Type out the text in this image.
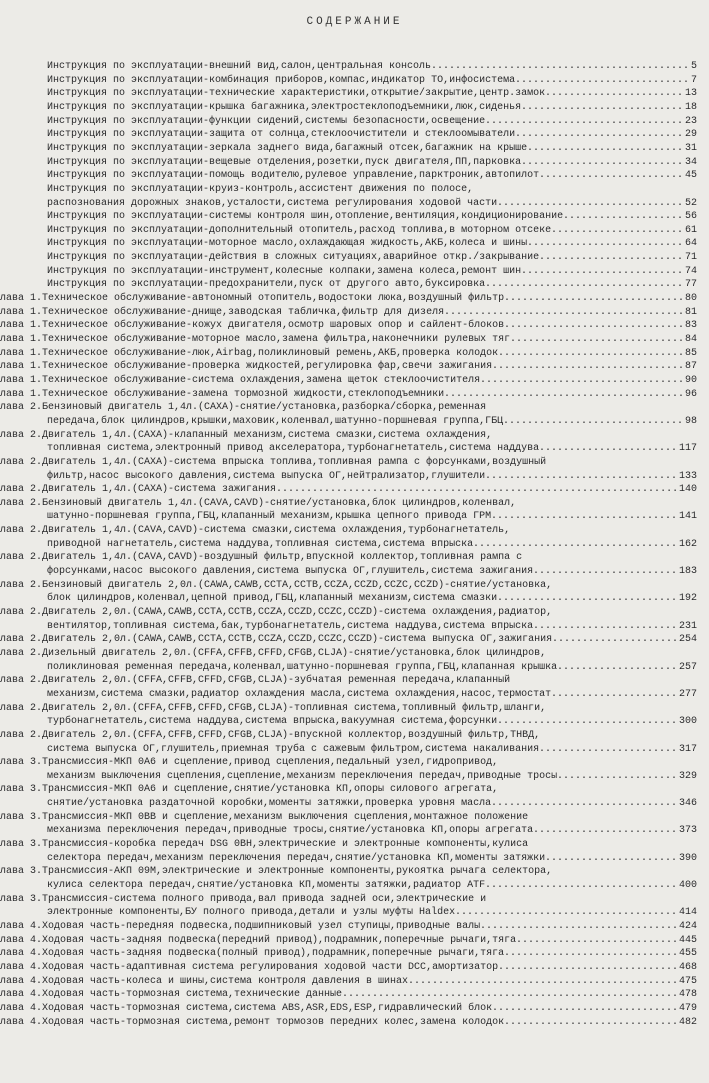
СОДЕРЖАНИЕ
Инструкция по эксплуатации-внешний вид,салон,центральная консоль ........................................... 5
Инструкция по эксплуатации-комбинация приборов,компас,индикатор ТО,инфосистема ............................. 7
Инструкция по эксплуатации-технические характеристики,открытие/закрытие,центр.замок ....................... 13
Инструкция по эксплуатации-крышка багажника,электростеклоподъемники,люк,сиденья ........................... 18
Инструкция по эксплуатации-функции сидений,системы безопасности,освещение ................................. 23
Инструкция по эксплуатации-защита от солнца,стеклоочистители и стеклоомыватели ............................ 29
Инструкция по эксплуатации-зеркала заднего вида,багажный отсек,багажник на крыше .......................... 31
Инструкция по эксплуатации-вещевые отделения,розетки,пуск двигателя,ПП,парковка ........................... 34
Инструкция по эксплуатации-помощь водителю,рулевое управление,парктроник,автопилот ........................ 45
Инструкция по эксплуатации-круиз-контроль,ассистент движения по полосе,
распознования дорожных знаков,усталости,система регулирования ходовой части ............................... 52
Инструкция по эксплуатации-системы контроля шин,отопление,вентиляция,кондиционирование .................... 56
Инструкция по эксплуатации-дополнительный отопитель,расход топлива,в моторном отсеке ...................... 61
Инструкция по эксплуатации-моторное масло,охлаждающая жидкость,АКБ,колеса и шины .......................... 64
Инструкция по эксплуатации-действия в сложных ситуациях,аварийное откр./закрывание ........................ 71
Инструкция по эксплуатации-инструмент,колесные колпаки,замена колеса,ремонт шин ........................... 74
Инструкция по эксплуатации-предохранители,пуск от другого авто,буксировка ................................. 77
лава 1. Техническое обслуживание-автономный отопитель,водостоки люка,воздушный фильтр .............................. 80
лава 1. Техническое обслуживание-днище,заводская табличка,фильтр для дизеля ........................................ 81
лава 1. Техническое обслуживание-кожух двигателя,осмотр шаровых опор и сайлент-блоков .............................. 83
лава 1. Техническое обслуживание-моторное масло,замена фильтра,наконечники рулевых тяг ............................. 84
лава 1. Техническое обслуживание-люк,Airbag,поликлиновый ремень,АКБ,проверка колодок ............................... 85
лава 1. Техническое обслуживание-проверка жидкостей,регулировка фар,свечи зажигания ................................ 87
лава 1. Техническое обслуживание-система охлаждения,замена щеток стеклоочистителя .................................. 90
лава 1. Техническое обслуживание-замена тормозной жидкости,стеклоподъемники ........................................ 96
лава 2. Бензиновый двигатель 1,4л.(CAXA)-снятие/установка,разборка/сборка,ременная
передача,блок цилиндров,крышки,маховик,коленвал,шатунно-поршневая группа,ГБЦ .............................. 98
лава 2. Двигатель 1,4л.(CAXA)-клапанный механизм,система смазки,система охлаждения,
топливная система,электронный привод акселератора,турбонагнетатель,система наддува ....................... 117
лава 2. Двигатель 1,4л.(CAXA)-система впрыска топлива,топливная рампа с форсунками,воздушный
фильтр,насос высокого давления,система выпуска ОГ,нейтрализатор,глушители ................................ 133
лава 2. Двигатель 1,4л.(CAXA)-система зажигания ................................................................... 140
лава 2. Бензиновый двигатель 1,4л.(CAVA,CAVD)-снятие/установка,блок цилиндров,коленвал,
шатунно-поршневая группа,ГБЦ,клапанный механизм,крышка цепного привода ГРМ ............................... 141
лава 2. Двигатель 1,4л.(CAVA,CAVD)-система смазки,система охлаждения,турбонагнетатель,
приводной нагнетатель,система наддува,топливная система,система впрыска .................................. 162
лава 2. Двигатель 1,4л.(CAVA,CAVD)-воздушный фильтр,впускной коллектор,топливная рампа с
форсунками,насос высокого давления,система выпуска ОГ,глушитель,система зажигания ........................ 183
лава 2. Бензиновый двигатель 2,0л.(CAWA,CAWB,CCTA,CCTB,CCZA,CCZD,CCZC,CCZD)-снятие/установка,
блок цилиндров,коленвал,цепной привод,ГБЦ,клапанный механизм,система смазки .............................. 192
лава 2. Двигатель 2,0л.(CAWA,CAWB,CCTA,CCTB,CCZA,CCZD,CCZC,CCZD)-система охлаждения,радиатор,
вентилятор,топливная система,бак,турбонагнетатель,система наддува,система впрыска ........................ 231
лава 2. Двигатель 2,0л.(CAWA,CAWB,CCTA,CCTB,CCZA,CCZD,CCZC,CCZD)-система выпуска ОГ,зажигания ..................... 254
лава 2. Дизельный двигатель 2,0л.(CFFA,CFFB,CFFD,CFGB,CLJA)-снятие/установка,блок цилиндров,
поликлиновая ременная передача,коленвал,шатунно-поршневая группа,ГБЦ,клапанная крышка .................... 257
лава 2. Двигатель 2,0л.(CFFA,CFFB,CFFD,CFGB,CLJA)-зубчатая ременная передача,клапанный
механизм,система смазки,радиатор охлаждения масла,система охлаждения,насос,термостат ..................... 277
лава 2. Двигатель 2,0л.(CFFA,CFFB,CFFD,CFGB,CLJA)-топливная система,топливный фильтр,шланги,
турбонагнетатель,система наддува,система впрыска,вакуумная система,форсунки .............................. 300
лава 2. Двигатель 2,0л.(CFFA,CFFB,CFFD,CFGB,CLJA)-впускной коллектор,воздушный фильтр,ТНВД,
система выпуска ОГ,глушитель,приемная труба с сажевым фильтром,система накаливания ....................... 317
лава 3. Трансмиссия-МКП 0А6 и сцепление,привод сцепления,педальный узел,гидропривод,
механизм выключения сцепления,сцепление,механизм переключения передач,приводные тросы .................... 329
лава 3. Трансмиссия-МКП 0А6 и сцепление,снятие/установка КП,опоры силового агрегата,
снятие/установка раздаточной коробки,моменты затяжки,проверка уровня масла ............................... 346
лава 3. Трансмиссия-МКП 0ВВ и сцепление,механизм выключения сцепления,монтажное положение
механизма переключения передач,приводные тросы,снятие/установка КП,опоры агрегата ........................ 373
лава 3. Трансмиссия-коробка передач DSG 0BH,электрические и электронные компоненты,кулиса
селектора передач,механизм переключения передач,снятие/установка КП,моменты затяжки ...................... 390
лава 3. Трансмиссия-АКП 09М,электрические и электронные компоненты,рукоятка рычага селектора,
кулиса селектора передач,снятие/установка КП,моменты затяжки,радиатор ATF ................................ 400
лава 3. Трансмиссия-система полного привода,вал привода задней оси,электрические и
электронные компоненты,БУ полного привода,детали и узлы муфты Haldex ..................................... 414
лава 4. Ходовая часть-передняя подвеска,подшипниковый узел ступицы,приводные валы ................................. 424
лава 4. Ходовая часть-задняя подвеска(передний привод),подрамник,поперечные рычаги,тяга ........................... 445
лава 4. Ходовая часть-задняя подвеска(полный привод),подрамник,поперечные рычаги,тяга ............................. 455
лава 4. Ходовая часть-адаптивная система регулирования ходовой части DCC,амортизатор .............................. 468
лава 4. Ходовая часть-колеса и шины,система контроля давления в шинах ............................................. 475
лава 4. Ходовая часть-тормозная система,технические данные ........................................................ 478
лава 4. Ходовая часть-тормозная система,система ABS,ASR,EDS,ESP,гидравлический блок ............................... 479
лава 4. Ходовая часть-тормозная система,ремонт тормозов передних колес,замена колодок ............................. 482
